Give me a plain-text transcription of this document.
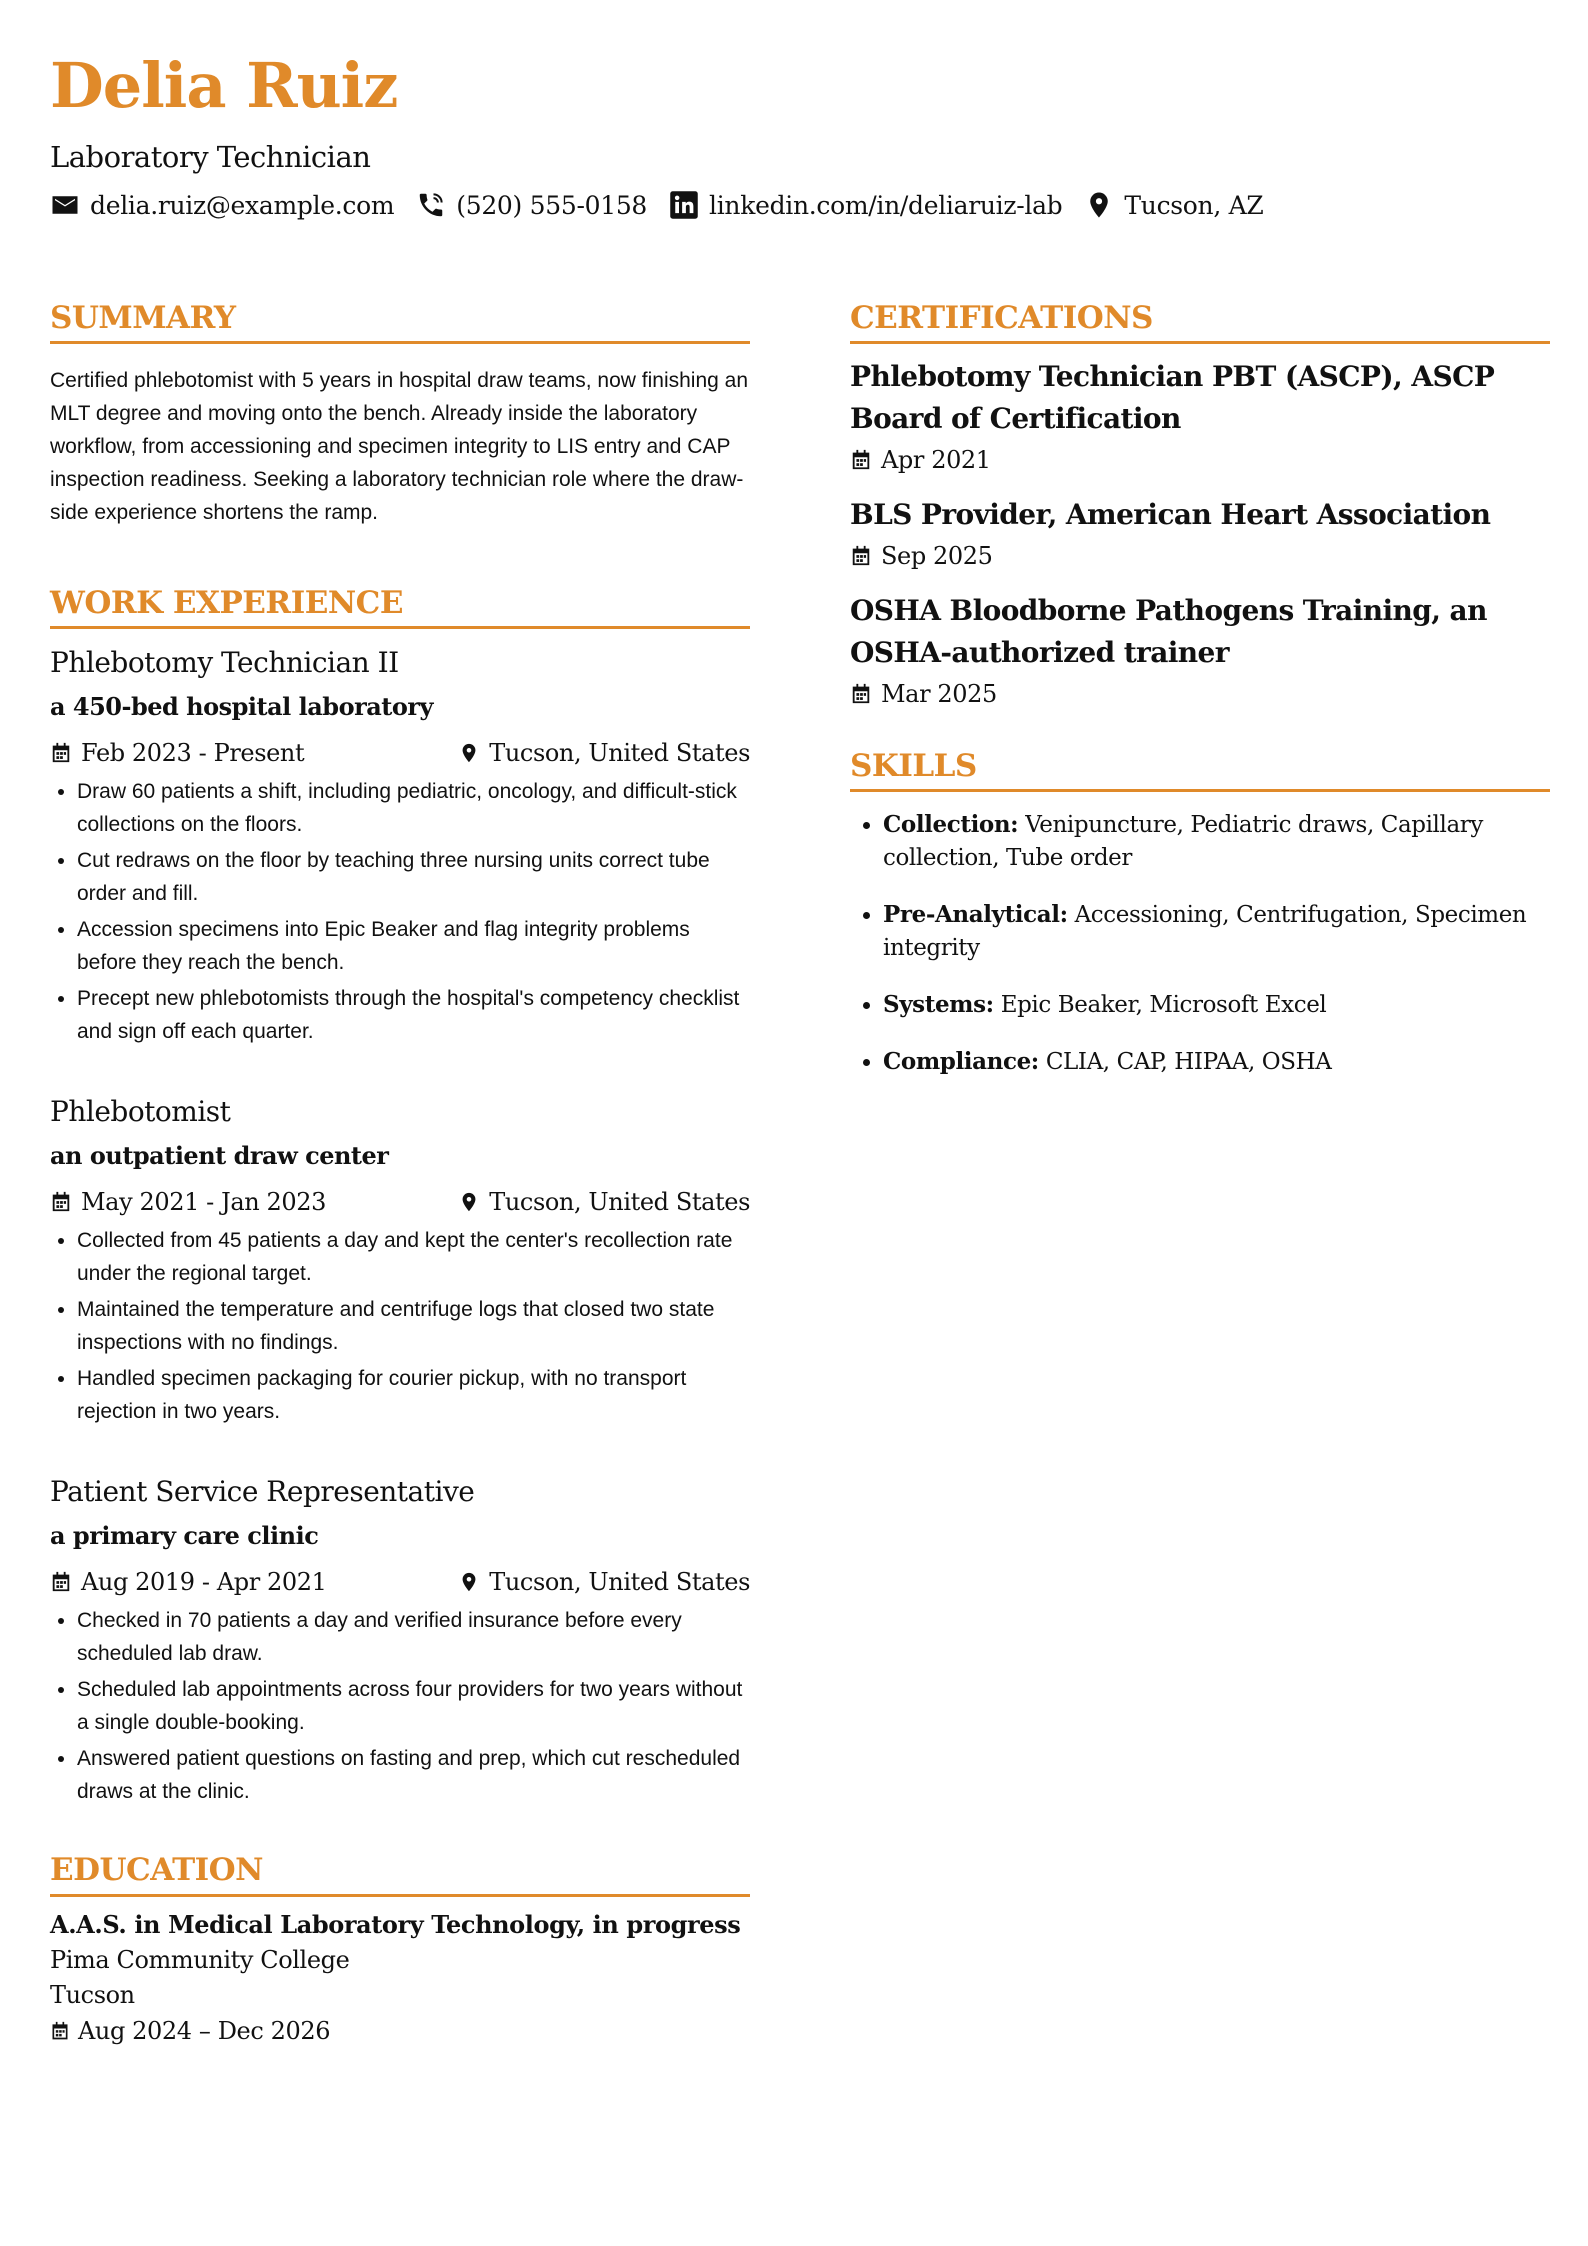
Delia Ruiz
Laboratory Technician
delia.ruiz@example.com (520) 555-0158 linkedin.com/in/deliaruiz-lab Tucson, AZ
SUMMARY

Certified phlebotomist with 5 years in hospital draw teams, now finishing an MLT degree and moving onto the bench. Already inside the laboratory workflow, from accessioning and specimen integrity to LIS entry and CAP inspection readiness. Seeking a laboratory technician role where the draw-side experience shortens the ramp.

WORK EXPERIENCE
Phlebotomy Technician II
a 450-bed hospital laboratory
Feb 2023 - Present	Tucson, United States
• Draw 60 patients a shift, including pediatric, oncology, and difficult-stick collections on the floors.
• Cut redraws on the floor by teaching three nursing units correct tube order and fill.
• Accession specimens into Epic Beaker and flag integrity problems before they reach the bench.
• Precept new phlebotomists through the hospital's competency checklist and sign off each quarter.
Phlebotomist
an outpatient draw center
May 2021 - Jan 2023	Tucson, United States
• Collected from 45 patients a day and kept the center's recollection rate under the regional target.
• Maintained the temperature and centrifuge logs that closed two state inspections with no findings.
• Handled specimen packaging for courier pickup, with no transport rejection in two years.
Patient Service Representative
a primary care clinic
Aug 2019 - Apr 2021	Tucson, United States
• Checked in 70 patients a day and verified insurance before every scheduled lab draw.
• Scheduled lab appointments across four providers for two years without a single double-booking.
• Answered patient questions on fasting and prep, which cut rescheduled draws at the clinic.
EDUCATION
A.A.S. in Medical Laboratory Technology, in progress
Pima Community College
Tucson
Aug 2024 – Dec 2026
CERTIFICATIONS
Phlebotomy Technician PBT (ASCP), ASCP Board of Certification
Apr 2021
BLS Provider, American Heart Association
Sep 2025
OSHA Bloodborne Pathogens Training, an OSHA-authorized trainer
Mar 2025
SKILLS
• Collection: Venipuncture, Pediatric draws, Capillary collection, Tube order
• Pre-Analytical: Accessioning, Centrifugation, Specimen integrity
• Systems: Epic Beaker, Microsoft Excel
• Compliance: CLIA, CAP, HIPAA, OSHA
